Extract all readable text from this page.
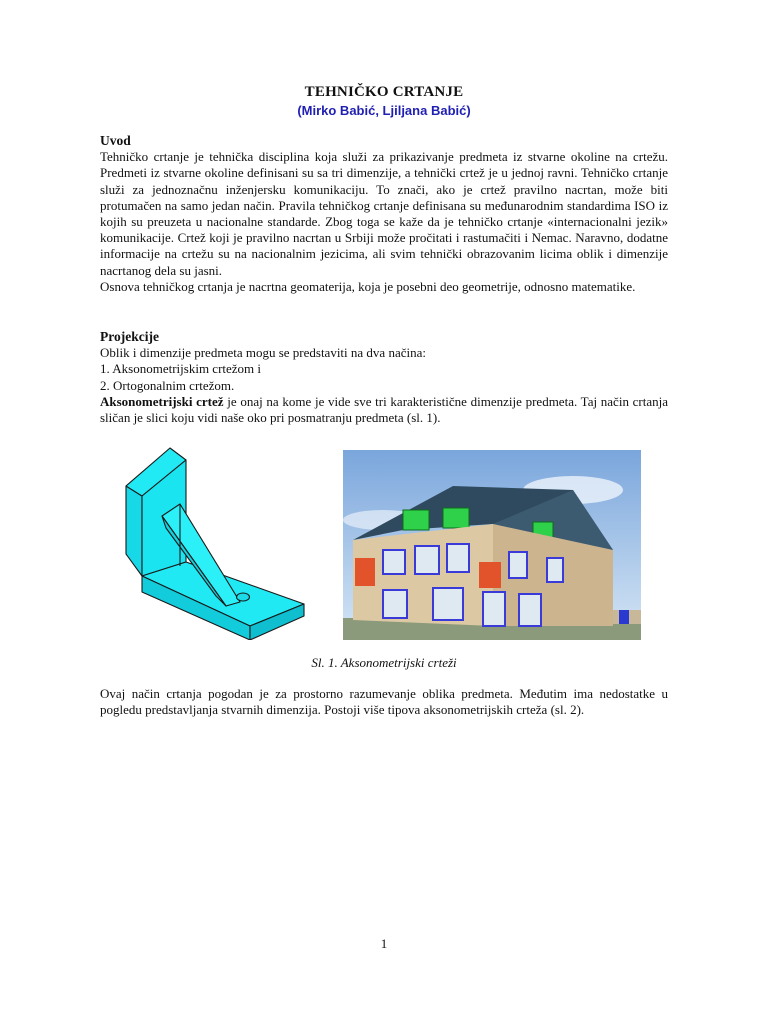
TEHNIČKO CRTANJE
(Mirko Babić, Ljiljana Babić)

Uvod

Tehničko crtanje je tehnička disciplina koja služi za prikazivanje predmeta iz stvarne okoline na crtežu. Predmeti iz stvarne okoline definisani su sa tri dimenzije, a tehnički crtež je u jednoj ravni. Tehničko crtanje služi za jednoznačnu inženjersku komunikaciju. To znači, ako je crtež pravilno nacrtan, može biti protumačen na samo jedan način. Pravila tehničkog crtanje definisana su međunarodnim standardima ISO iz kojih su preuzeta u nacionalne standarde. Zbog toga se kaže da je tehničko crtanje «internacionalni jezik» komunikacije. Crtež koji je pravilno nacrtan u Srbiji može pročitati i rastumačiti i Nemac. Naravno, dodatne informacije na crtežu su na nacionalnim jezicima, ali svim tehnički obrazovanim licima oblik i dimenzije nacrtanog dela su jasni.

Osnova tehničkog crtanja je nacrtna geomaterija, koja je posebni deo geometrije, odnosno matematike.

Projekcije

Oblik i dimenzije predmeta mogu se predstaviti na dva načina:

1. Aksonometrijskim crtežom i

2. Ortogonalnim crtežom.

Aksonometrijski crtež je onaj na kome je vide sve tri karakteristične dimenzije predmeta. Taj način crtanja sličan je slici koju vidi naše oko pri posmatranju predmeta (sl. 1).

Sl. 1. Aksonometrijski crteži

Ovaj način crtanja pogodan je za prostorno razumevanje oblika predmeta. Međutim ima nedostatke u pogledu predstavljanja stvarnih dimenzija. Postoji više tipova aksonometrijskih crteža (sl. 2).

1
